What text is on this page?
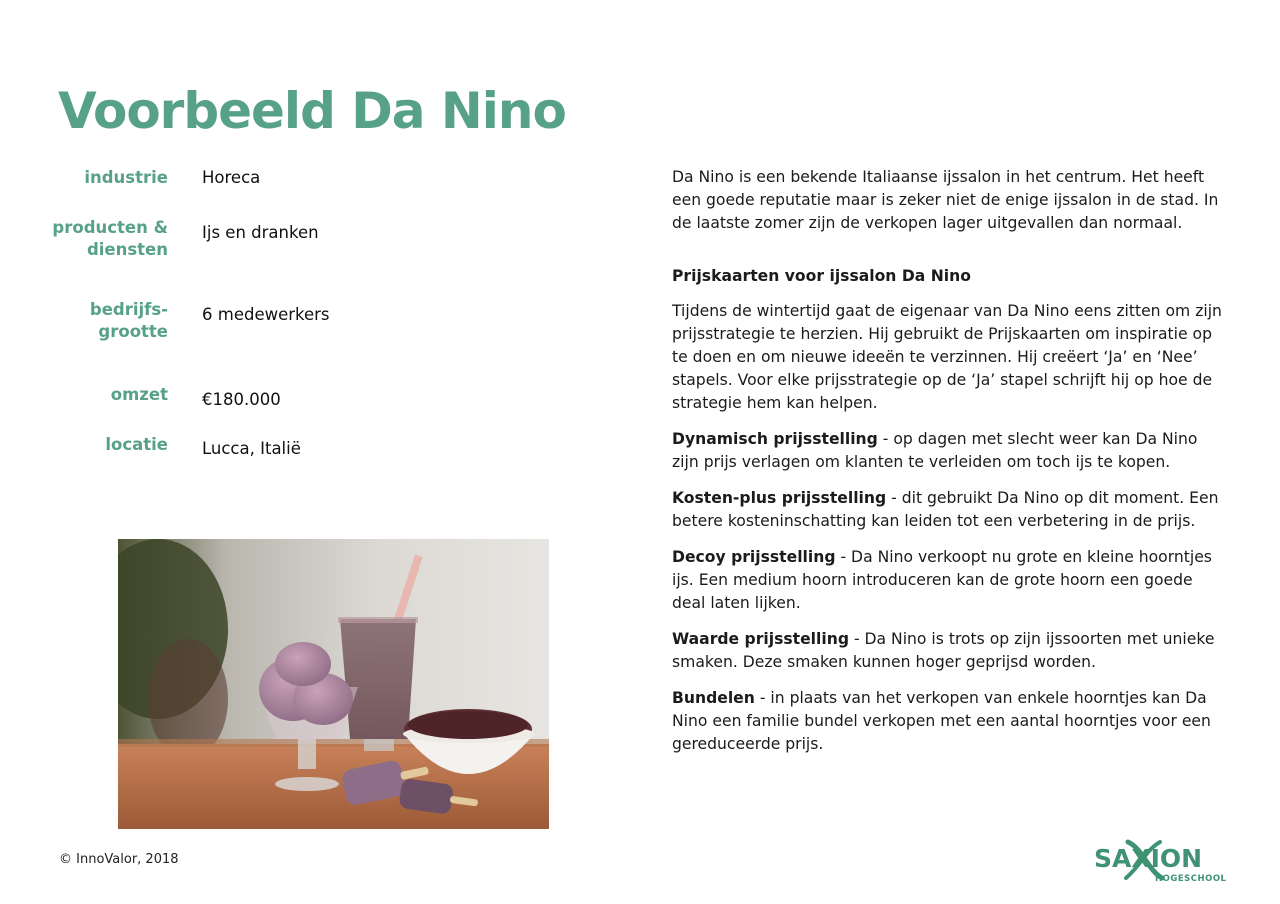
Voorbeeld Da Nino
industrie Horeca
producten &
diensten
Ijs en dranken
bedrijfs-
grootte
6 medewerkers
omzet €180.000
locatie Lucca, Italië

Da Nino is een bekende Italiaanse ijssalon in het centrum. Het heeft een goede reputatie maar is zeker niet de enige ijssalon in de stad. In de laatste zomer zijn de verkopen lager uitgevallen dan normaal.

Prijskaarten voor ijssalon Da Nino

Tijdens de wintertijd gaat de eigenaar van Da Nino eens zitten om zijn prijsstrategie te herzien. Hij gebruikt de Prijskaarten om inspiratie op te doen en om nieuwe ideeën te verzinnen. Hij creëert ‘Ja’ en ‘Nee’ stapels. Voor elke prijsstrategie op de ‘Ja’ stapel schrijft hij op hoe de strategie hem kan helpen.

Dynamisch prijsstelling - op dagen met slecht weer kan Da Nino zijn prijs verlagen om klanten te verleiden om toch ijs te kopen.

Kosten-plus prijsstelling - dit gebruikt Da Nino op dit moment. Een betere kosteninschatting kan leiden tot een verbetering in de prijs.

Decoy prijsstelling - Da Nino verkoopt nu grote en kleine hoorntjes ijs. Een medium hoorn introduceren kan de grote hoorn een goede deal laten lijken.

Waarde prijsstelling - Da Nino is trots op zijn ijssoorten met unieke smaken. Deze smaken kunnen hoger geprijsd worden.

Bundelen - in plaats van het verkopen van enkele hoorntjes kan Da Nino een familie bundel verkopen met een aantal hoorntjes voor een gereduceerde prijs.

© InnoValor, 2018	SAXION
HOGESCHOOL
